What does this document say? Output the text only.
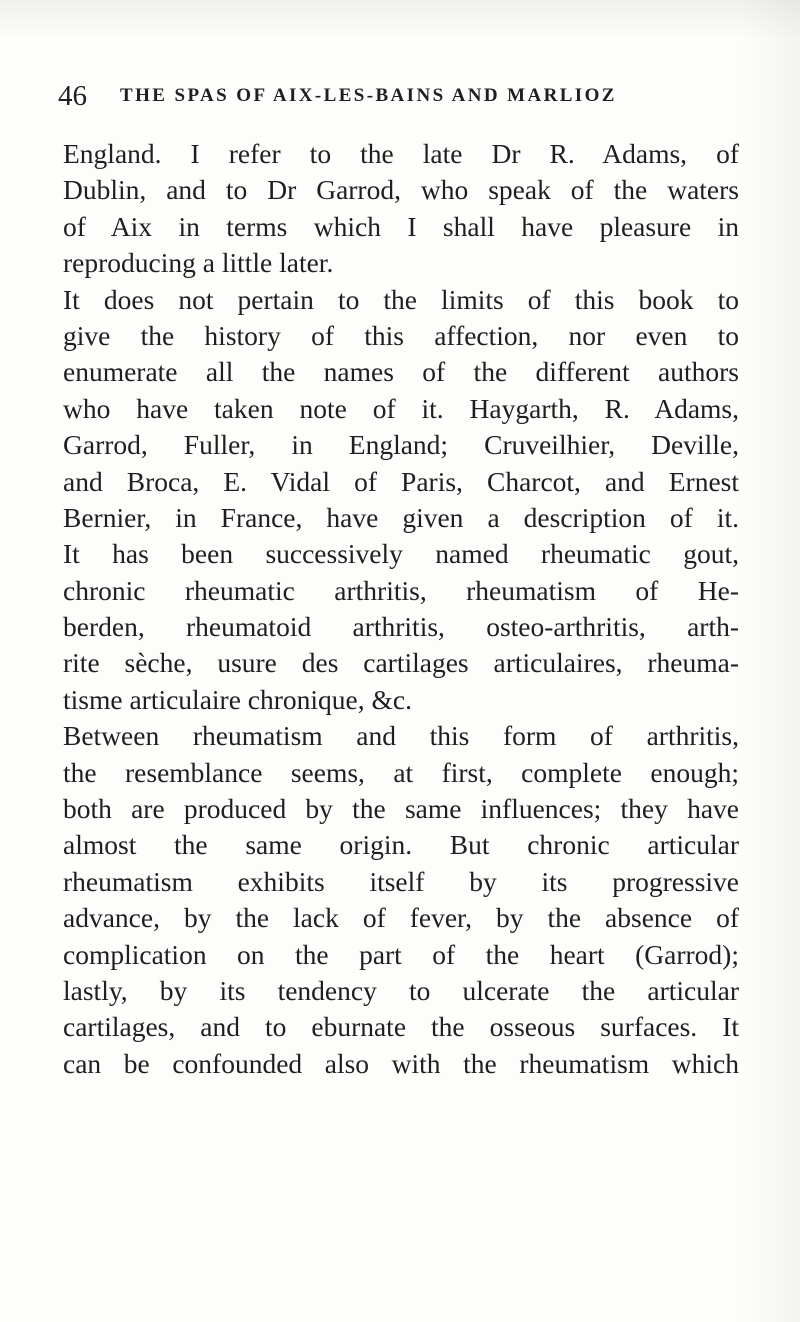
46 THE SPAS OF AIX-LES-BAINS AND MARLIOZ
England. I refer to the late Dr R. Adams, of
Dublin, and to Dr Garrod, who speak of the waters
of Aix in terms which I shall have pleasure in
reproducing a little later.
It does not pertain to the limits of this book to
give the history of this affection, nor even to
enumerate all the names of the different authors
who have taken note of it. Haygarth, R. Adams,
Garrod, Fuller, in England; Cruveilhier, Deville,
and Broca, E. Vidal of Paris, Charcot, and Ernest
Bernier, in France, have given a description of it.
It has been successively named rheumatic gout,
chronic rheumatic arthritis, rheumatism of He-
berden, rheumatoid arthritis, osteo-arthritis, arth-
rite sèche, usure des cartilages articulaires, rheuma-
tisme articulaire chronique, &c.
Between rheumatism and this form of arthritis,
the resemblance seems, at first, complete enough;
both are produced by the same influences; they have
almost the same origin. But chronic articular
rheumatism exhibits itself by its progressive
advance, by the lack of fever, by the absence of
complication on the part of the heart (Garrod);
lastly, by its tendency to ulcerate the articular
cartilages, and to eburnate the osseous surfaces. It
can be confounded also with the rheumatism which
